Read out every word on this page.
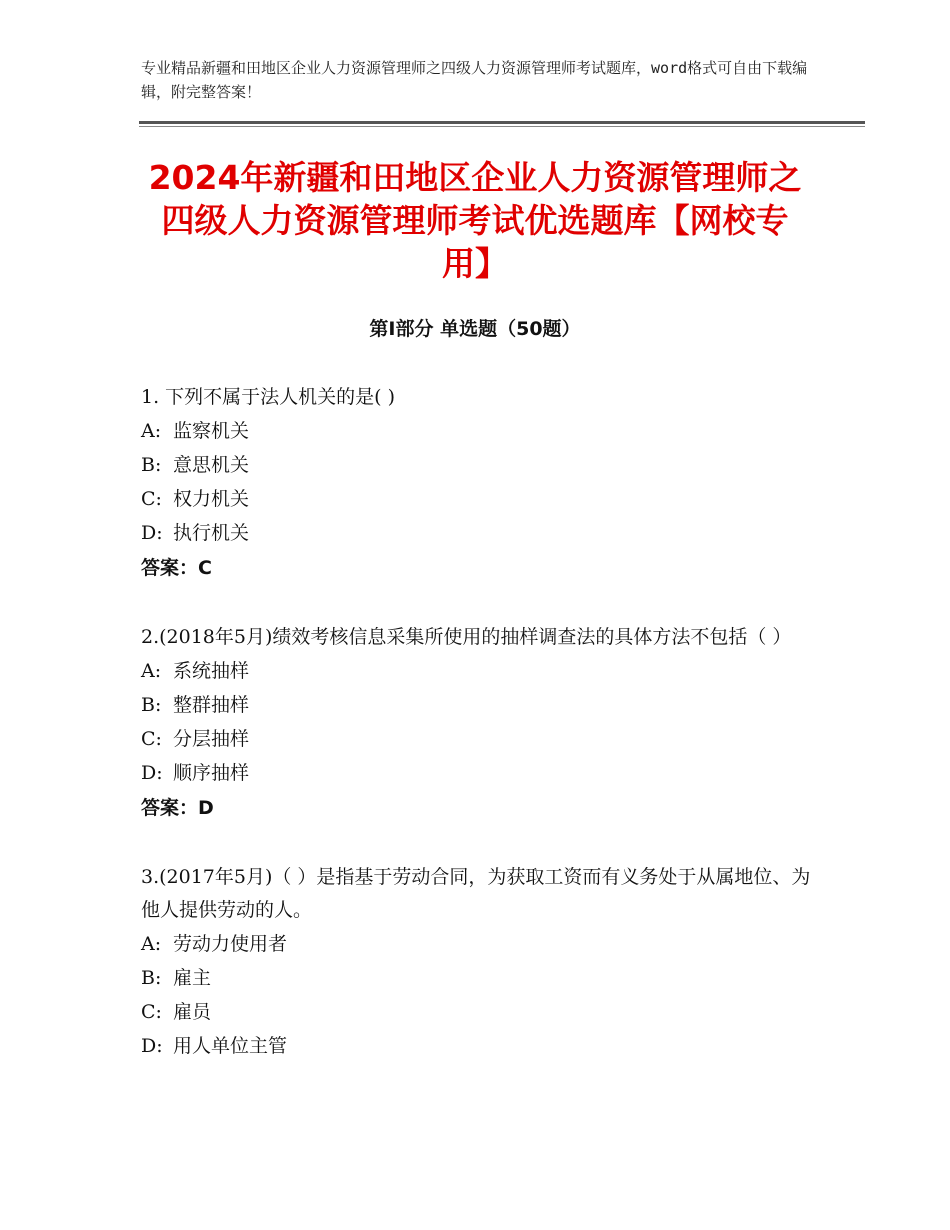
专业精品新疆和田地区企业人力资源管理师之四级人力资源管理师考试题库，word格式可自由下载编辑，附完整答案！
2024年新疆和田地区企业人力资源管理师之四级人力资源管理师考试优选题库【网校专用】
第Ⅰ部分 单选题（50题）

1. 下列不属于法人机关的是( )

A: 监察机关

B: 意思机关

C: 权力机关

D: 执行机关

答案：C

2.(2018年5月)绩效考核信息采集所使用的抽样调查法的具体方法不包括（ ）

A: 系统抽样

B: 整群抽样

C: 分层抽样

D: 顺序抽样

答案：D

3.(2017年5月)（ ）是指基于劳动合同，为获取工资而有义务处于从属地位、为他人提供劳动的人。

A: 劳动力使用者

B: 雇主

C: 雇员

D: 用人单位主管
